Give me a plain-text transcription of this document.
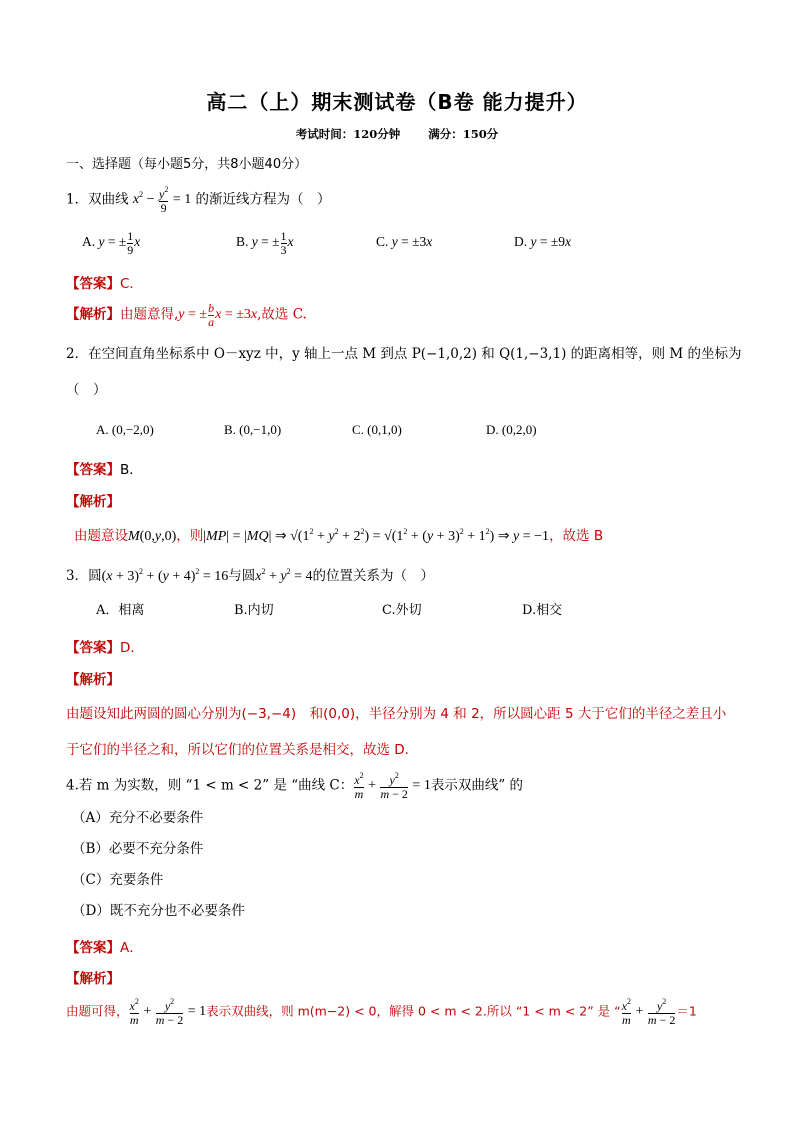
高二（上）期末测试卷（B卷 能力提升）
考试时间：120分钟 满分：150分
一、选择题（每小题5分，共8小题40分）
1．双曲线 $x^2 - \frac{y^2}{9} = 1$ 的渐近线方程为（　）
A. y = ± $\frac{1}{9}$ x	B. y = ± $\frac{1}{3}$ x	C. y = ±3x	D. y = ±9x
【答案】C．
【解析】由题意得,y = ± $\frac{b}{a}$ x = ±3x,故选 C.
2．在空间直角坐标系中 O－xyz 中，y 轴上一点 M 到点 P(−1,0,2) 和 Q(1,−3,1) 的距离相等，则 M 的坐标为
（　）
A. (0,−2,0)	B. (0,−1,0)	C. (0,1,0)	D. (0,2,0)
【答案】B．
【解析】
由题意设M(0,y,0)，则|MP| = |MQ| ⇒ $√(1^2 + y^2 + 2^2) = √(1^2 + (y + 3)^2 + 1^2)$ ⇒ y = −1，故选 B
3．圆$(x + 3)^2 + (y + 4)^2 = 16$与圆$x^2 + y^2 = 4$的位置关系为（　）
A．相离	B.内切	C.外切	D.相交
【答案】D．
【解析】
由题设知此两圆的圆心分别为(−3,−4)　和(0,0)，半径分别为 4 和 2，所以圆心距 5 大于它们的半径之差且小
于它们的半径之和，所以它们的位置关系是相交，故选 D.
4.若 m 为实数，则 “1 < m < 2” 是 “曲线 C： $\frac{x^2}{m} + \frac{y^2}{m - 2} = 1$表示双曲线” 的
（A）充分不必要条件
（B）必要不充分条件
（C）充要条件
（D）既不充分也不必要条件
【答案】A．
【解析】
由题可得， $\frac{x^2}{m} + \frac{y^2}{m - 2} = 1$表示双曲线，则 m(m−2) < 0，解得 0 < m < 2.所以 “1 < m < 2” 是 “ $\frac{x^2}{m} + \frac{y^2}{m - 2} =1$
